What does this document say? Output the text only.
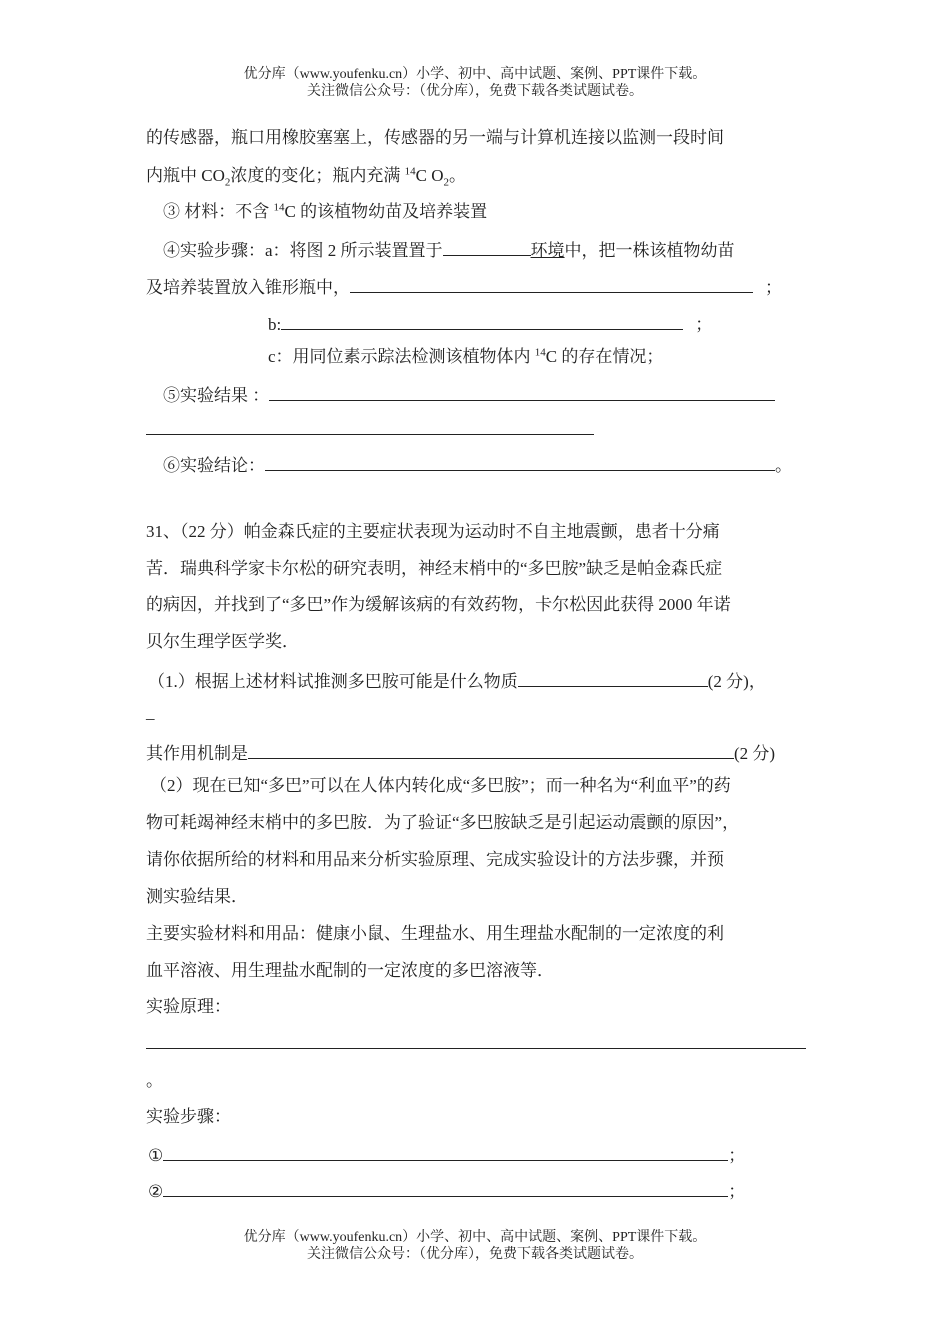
优分库（www.youfenku.cn）小学、初中、高中试题、案例、PPT课件下载。
关注微信公众号：（优分库），免费下载各类试题试卷。
的传感器，瓶口用橡胶塞塞上，传感器的另一端与计算机连接以监测一段时间
内瓶中 $CO_2$浓度的变化；瓶内充满 $^{14}$C $O_2$。
③ 材料：不含 $^{14}$C 的该植物幼苗及培养装置
④实验步骤：a：将图 2 所示装置置于	环境中，把一株该植物幼苗
及培养装置放入锥形瓶中，	；
b:	；
c：用同位素示踪法检测该植物体内 $^{14}$C 的存在情况；
⑤实验结果 ：
⑥实验结论：	。
31、（22 分）帕金森氏症的主要症状表现为运动时不自主地震颤，患者十分痛
苦．瑞典科学家卡尔松的研究表明，神经末梢中的“多巴胺”缺乏是帕金森氏症
的病因，并找到了“多巴”作为缓解该病的有效药物，卡尔松因此获得 2000 年诺
贝尔生理学医学奖．
（1.）根据上述材料试推测多巴胺可能是什么物质	(2 分)，
_
其作用机制是	(2 分)
（2）现在已知“多巴”可以在人体内转化成“多巴胺”；而一种名为“利血平”的药
物可耗竭神经末梢中的多巴胺．为了验证“多巴胺缺乏是引起运动震颤的原因”，
请你依据所给的材料和用品来分析实验原理、完成实验设计的方法步骤，并预
测实验结果．
主要实验材料和用品：健康小鼠、生理盐水、用生理盐水配制的一定浓度的利
血平溶液、用生理盐水配制的一定浓度的多巴溶液等．
实验原理：
。
实验步骤：
①	；
②	；
优分库（www.youfenku.cn）小学、初中、高中试题、案例、PPT课件下载。
关注微信公众号：（优分库），免费下载各类试题试卷。
